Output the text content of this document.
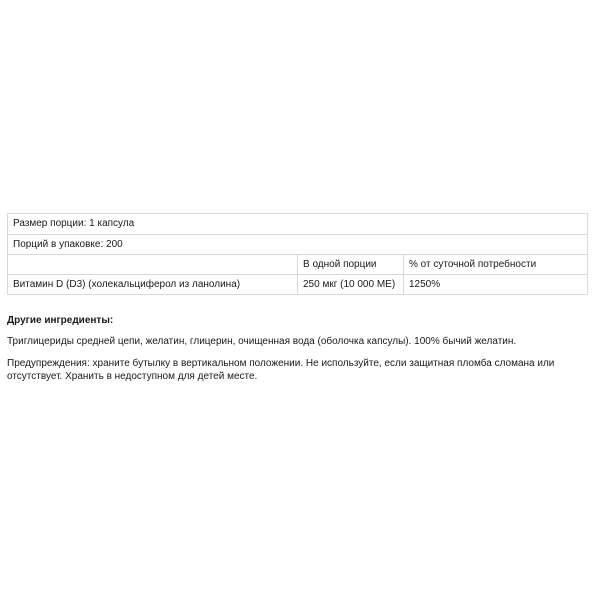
Размер порции: 1 капсула		
Порций в упаковке: 200		
	В одной порции	% от суточной потребности
Витамин D (D3) (холекальциферол из ланолина)	250 мкг (10 000 МЕ)	1250%
Другие ингредиенты:
Триглицериды средней цепи, желатин, глицерин, очищенная вода (оболочка капсулы). 100% бычий желатин.
Предупреждения: храните бутылку в вертикальном положении. Не используйте, если защитная пломба сломана или отсутствует. Хранить в недоступном для детей месте.
